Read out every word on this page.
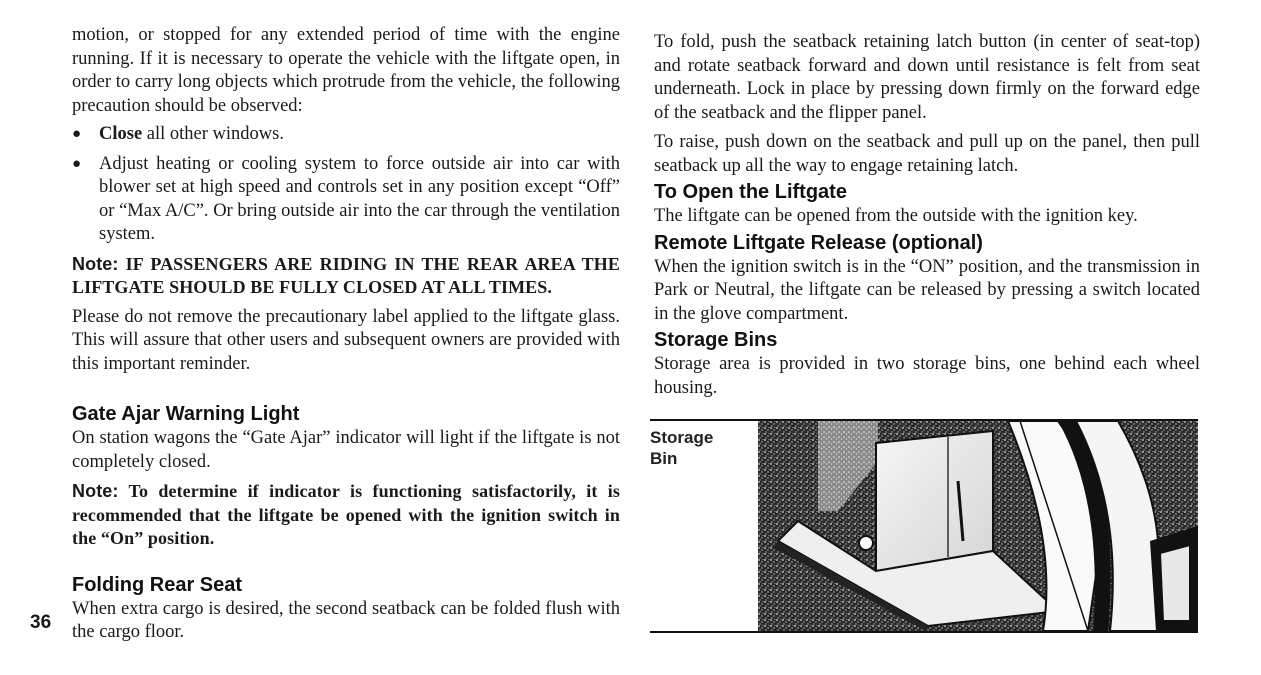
motion, or stopped for any extended period of time with the engine running. If it is necessary to operate the vehicle with the liftgate open, in order to carry long objects which protrude from the vehicle, the following precaution should be observed:

● Close all other windows.
● Adjust heating or cooling system to force outside air into car with blower set at high speed and controls set in any position except “Off” or “Max A/C”. Or bring outside air into the car through the ventilation system.
Note: IF PASSENGERS ARE RIDING IN THE REAR AREA THE LIFTGATE SHOULD BE FULLY CLOSED AT ALL TIMES.

Please do not remove the precautionary label applied to the liftgate glass. This will assure that other users and subsequent owners are provided with this important reminder.

Gate Ajar Warning Light

On station wagons the “Gate Ajar” indicator will light if the liftgate is not completely closed.

Note: To determine if indicator is functioning satisfactorily, it is recommended that the liftgate be opened with the ignition switch in the “On” position.
Folding Rear Seat

When extra cargo is desired, the second seatback can be folded flush with the cargo floor.

36

To fold, push the seatback retaining latch button (in center of seat-top) and rotate seatback forward and down until resistance is felt from seat underneath. Lock in place by pressing down firmly on the forward edge of the seatback and the flipper panel.

To raise, push down on the seatback and pull up on the panel, then pull seatback up all the way to engage retaining latch.

To Open the Liftgate

The liftgate can be opened from the outside with the ignition key.

Remote Liftgate Release (optional)

When the ignition switch is in the “ON” position, and the transmission in Park or Neutral, the liftgate can be released by pressing a switch located in the glove compartment.

Storage Bins

Storage area is provided in two storage bins, one behind each wheel housing.

Storage
Bin
